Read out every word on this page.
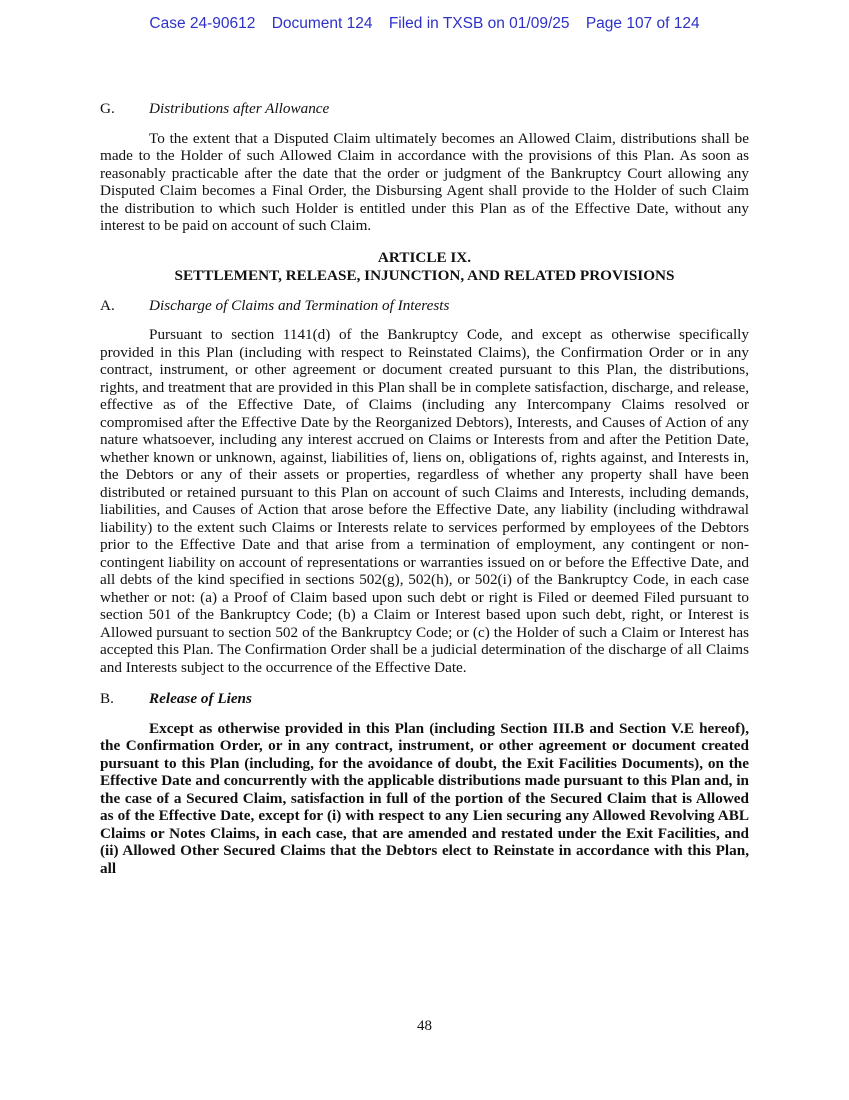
Case 24-90612 Document 124 Filed in TXSB on 01/09/25 Page 107 of 124
G. Distributions after Allowance

To the extent that a Disputed Claim ultimately becomes an Allowed Claim, distributions shall be made to the Holder of such Allowed Claim in accordance with the provisions of this Plan. As soon as reasonably practicable after the date that the order or judgment of the Bankruptcy Court allowing any Disputed Claim becomes a Final Order, the Disbursing Agent shall provide to the Holder of such Claim the distribution to which such Holder is entitled under this Plan as of the Effective Date, without any interest to be paid on account of such Claim.

ARTICLE IX.
SETTLEMENT, RELEASE, INJUNCTION, AND RELATED PROVISIONS
A. Discharge of Claims and Termination of Interests

Pursuant to section 1141(d) of the Bankruptcy Code, and except as otherwise specifically provided in this Plan (including with respect to Reinstated Claims), the Confirmation Order or in any contract, instrument, or other agreement or document created pursuant to this Plan, the distributions, rights, and treatment that are provided in this Plan shall be in complete satisfaction, discharge, and release, effective as of the Effective Date, of Claims (including any Intercompany Claims resolved or compromised after the Effective Date by the Reorganized Debtors), Interests, and Causes of Action of any nature whatsoever, including any interest accrued on Claims or Interests from and after the Petition Date, whether known or unknown, against, liabilities of, liens on, obligations of, rights against, and Interests in, the Debtors or any of their assets or properties, regardless of whether any property shall have been distributed or retained pursuant to this Plan on account of such Claims and Interests, including demands, liabilities, and Causes of Action that arose before the Effective Date, any liability (including withdrawal liability) to the extent such Claims or Interests relate to services performed by employees of the Debtors prior to the Effective Date and that arise from a termination of employment, any contingent or non-contingent liability on account of representations or warranties issued on or before the Effective Date, and all debts of the kind specified in sections 502(g), 502(h), or 502(i) of the Bankruptcy Code, in each case whether or not: (a) a Proof of Claim based upon such debt or right is Filed or deemed Filed pursuant to section 501 of the Bankruptcy Code; (b) a Claim or Interest based upon such debt, right, or Interest is Allowed pursuant to section 502 of the Bankruptcy Code; or (c) the Holder of such a Claim or Interest has accepted this Plan. The Confirmation Order shall be a judicial determination of the discharge of all Claims and Interests subject to the occurrence of the Effective Date.

B. Release of Liens

Except as otherwise provided in this Plan (including Section III.B and Section V.E hereof), the Confirmation Order, or in any contract, instrument, or other agreement or document created pursuant to this Plan (including, for the avoidance of doubt, the Exit Facilities Documents), on the Effective Date and concurrently with the applicable distributions made pursuant to this Plan and, in the case of a Secured Claim, satisfaction in full of the portion of the Secured Claim that is Allowed as of the Effective Date, except for (i) with respect to any Lien securing any Allowed Revolving ABL Claims or Notes Claims, in each case, that are amended and restated under the Exit Facilities, and (ii) Allowed Other Secured Claims that the Debtors elect to Reinstate in accordance with this Plan, all

48
